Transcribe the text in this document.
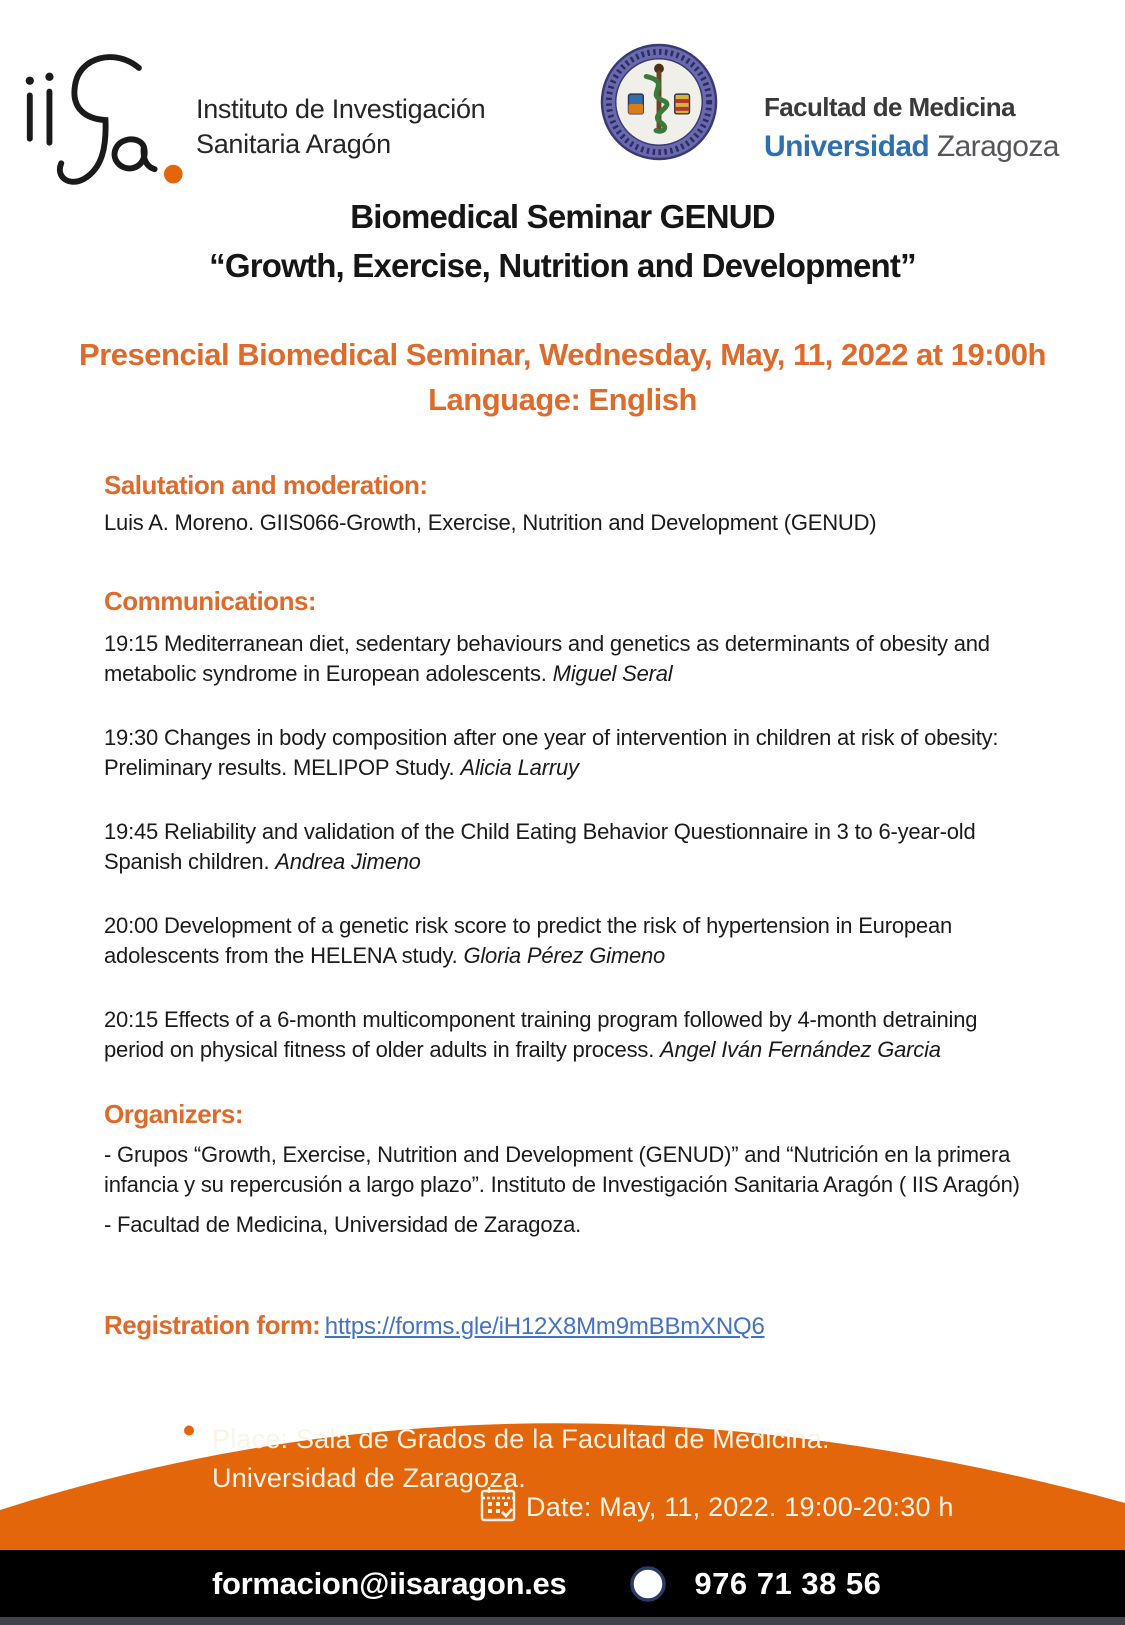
Instituto de Investigación
Sanitaria Aragón
Facultad de Medicina
Universidad Zaragoza
Biomedical Seminar GENUD
“Growth, Exercise, Nutrition and Development”
Presencial Biomedical Seminar, Wednesday, May, 11, 2022 at 19:00h
Language: English
Salutation and moderation:

Luis A. Moreno. GIIS066-Growth, Exercise, Nutrition and Development (GENUD)

Communications:

19:15 Mediterranean diet, sedentary behaviours and genetics as determinants of obesity and metabolic syndrome in European adolescents. Miguel Seral

19:30 Changes in body composition after one year of intervention in children at risk of obesity: Preliminary results. MELIPOP Study. Alicia Larruy

19:45 Reliability and validation of the Child Eating Behavior Questionnaire in 3 to 6-year-old Spanish children. Andrea Jimeno

20:00 Development of a genetic risk score to predict the risk of hypertension in European adolescents from the HELENA study. Gloria Pérez Gimeno

20:15 Effects of a 6-month multicomponent training program followed by 4-month detraining period on physical fitness of older adults in frailty process. Angel Iván Fernández Garcia

Organizers:

- Grupos “Growth, Exercise, Nutrition and Development (GENUD)” and “Nutrición en la primera infancia y su repercusión a largo plazo”. Instituto de Investigación Sanitaria Aragón ( IIS Aragón)

- Facultad de Medicina, Universidad de Zaragoza.

Registration form: https://forms.gle/iH12X8Mm9mBBmXNQ6
Place: Sala de Grados de la Facultad de Medicina.
Universidad de Zaragoza.
Date: May, 11, 2022. 19:00-20:30 h
formacion@iisaragon.es	976 71 38 56
